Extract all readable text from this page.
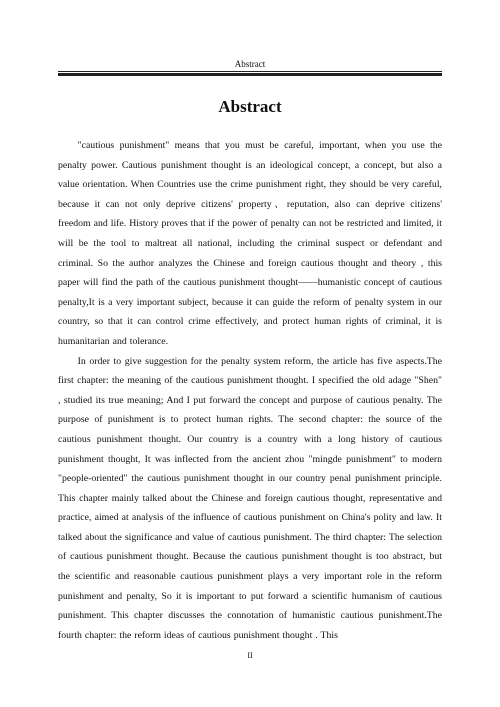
Abstract
Abstract

"cautious punishment" means that you must be careful, important, when you use the penalty power. Cautious punishment thought is an ideological concept, a concept, but also a value orientation. When Countries use the crime punishment right, they should be very careful, because it can not only deprive citizens' property、reputation, also can deprive citizens' freedom and life. History proves that if the power of penalty can not be restricted and limited, it will be the tool to maltreat all national, including the criminal suspect or defendant and criminal. So the author analyzes the Chinese and foreign cautious thought and theory , this paper will find the path of the cautious punishment thought——humanistic concept of cautious penalty,It is a very important subject, because it can guide the reform of penalty system in our country, so that it can control crime effectively, and protect human rights of criminal, it is humanitarian and tolerance.

In order to give suggestion for the penalty system reform, the article has five aspects.The first chapter: the meaning of the cautious punishment thought. I specified the old adage "Shen" , studied its true meaning; And I put forward the concept and purpose of cautious penalty. The purpose of punishment is to protect human rights. The second chapter: the source of the cautious punishment thought. Our country is a country with a long history of cautious punishment thought, It was inflected from the ancient zhou "mingde punishment" to modern "people-oriented" the cautious punishment thought in our country penal punishment principle. This chapter mainly talked about the Chinese and foreign cautious thought, representative and practice, aimed at analysis of the influence of cautious punishment on China's polity and law. It talked about the significance and value of cautious punishment. The third chapter: The selection of cautious punishment thought. Because the cautious punishment thought is too abstract, but the scientific and reasonable cautious punishment plays a very important role in the reform punishment and penalty, So it is important to put forward a scientific humanism of cautious punishment. This chapter discusses the connotation of humanistic cautious punishment.The fourth chapter: the reform ideas of cautious punishment thought . This

II
